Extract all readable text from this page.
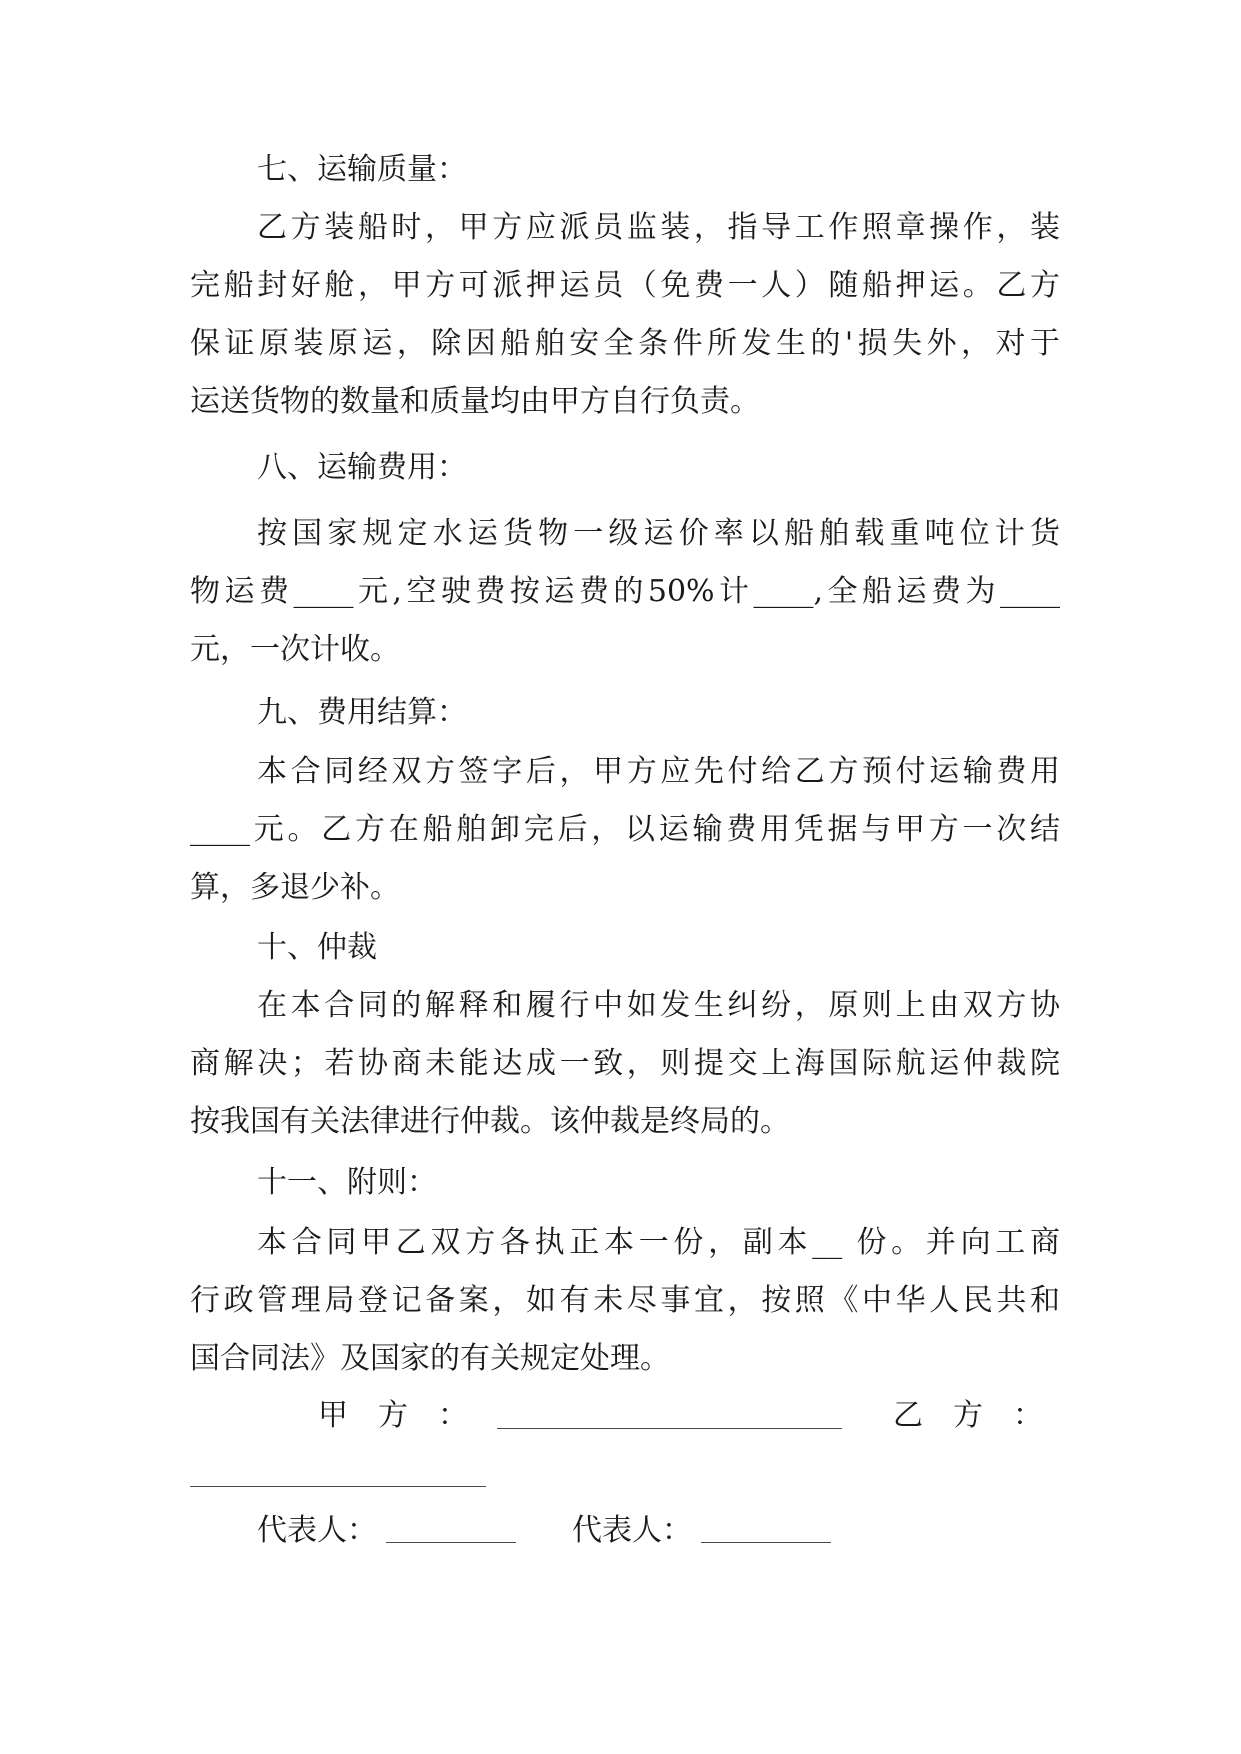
七、运输质量：
乙方装船时，甲方应派员监装，指导工作照章操作，装
完船封好舱，甲方可派押运员（免费一人）随船押运。乙方
保证原装原运，除因船舶安全条件所发生的'损失外，对于
运送货物的数量和质量均由甲方自行负责。
八、运输费用：
按国家规定水运货物一级运价率以船舶载重吨位计货
物运费____元,空驶费按运费的50%计____,全船运费为____
元，一次计收。
九、费用结算：
本合同经双方签字后，甲方应先付给乙方预付运输费用
____元。乙方在船舶卸完后，以运输费用凭据与甲方一次结
算，多退少补。
十、仲裁
在本合同的解释和履行中如发生纠纷，原则上由双方协
商解决；若协商未能达成一致，则提交上海国际航运仲裁院
按我国有关法律进行仲裁。该仲裁是终局的。
十一、附则：
本合同甲乙双方各执正本一份，副本__ 份。并向工商
行政管理局登记备案，如有未尽事宜，按照《中华人民共和
国合同法》及国家的有关规定处理。
甲　方　：	乙　方　：
代表人：	代表人：
